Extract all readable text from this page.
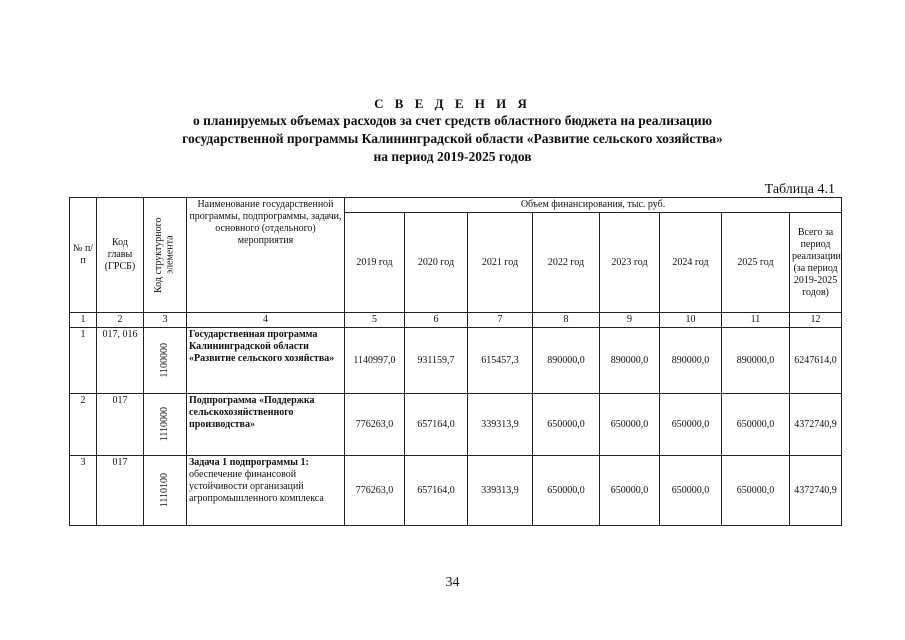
С В Е Д Е Н И Я
о планируемых объемах расходов за счет средств областного бюджета на реализацию
государственной программы Калининградской области «Развитие сельского хозяйства»
на период 2019-2025 годов
Таблица 4.1
№ п/п	Код главы (ГРСБ)	Код структурного элемента	Наименование государственной программы, подпрограммы, задачи, основного (отдельного) мероприятия	Объем финансирования, тыс. руб.							
				2019 год	2020 год	2021 год	2022 год	2023 год	2024 год	2025 год	Всего за период реализации (за период 2019-2025 годов)
1	2	3	4	5	6	7	8	9	10	11	12
1	017, 016	1100000	Государственная программа Калининградской области «Развитие сельского хозяйства»	1140997,0	931159,7	615457,3	890000,0	890000,0	890000,0	890000,0	6247614,0
2	017	1110000	Подпрограмма «Поддержка сельскохозяйственного производства»	776263,0	657164,0	339313,9	650000,0	650000,0	650000,0	650000,0	4372740,9
3	017	1110100	Задача 1 подпрограммы 1: обеспечение финансовой устойчивости организаций агропромышленного комплекса	776263,0	657164,0	339313,9	650000,0	650000,0	650000,0	650000,0	4372740,9
34
